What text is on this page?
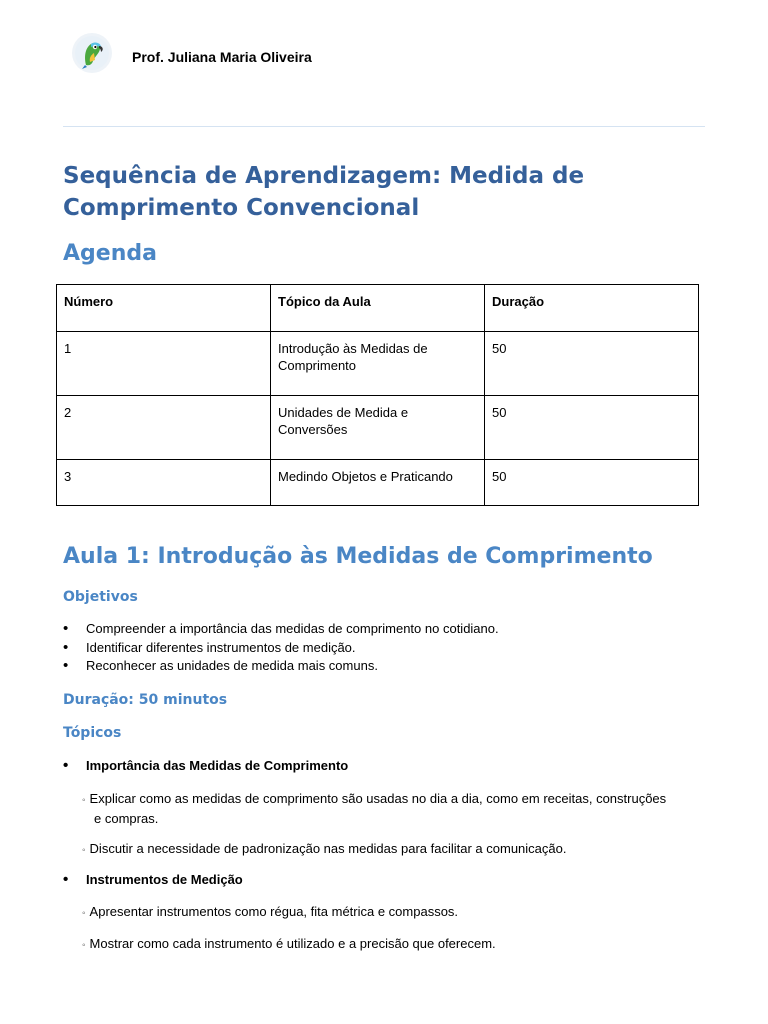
Prof. Juliana Maria Oliveira
Sequência de Aprendizagem: Medida de Comprimento Convencional
Agenda
Número	Tópico da Aula	Duração
1	Introdução às Medidas de Comprimento	50
2	Unidades de Medida e Conversões	50
3	Medindo Objetos e Praticando	50
Aula 1: Introdução às Medidas de Comprimento
Objetivos
• Compreender a importância das medidas de comprimento no cotidiano.
• Identificar diferentes instrumentos de medição.
• Reconhecer as unidades de medida mais comuns.
Duração: 50 minutos
Tópicos
• Importância das Medidas de Comprimento
◦ Explicar como as medidas de comprimento são usadas no dia a dia, como em receitas, construções
e compras.
◦ Discutir a necessidade de padronização nas medidas para facilitar a comunicação.
• Instrumentos de Medição
◦ Apresentar instrumentos como régua, fita métrica e compassos.
◦ Mostrar como cada instrumento é utilizado e a precisão que oferecem.
